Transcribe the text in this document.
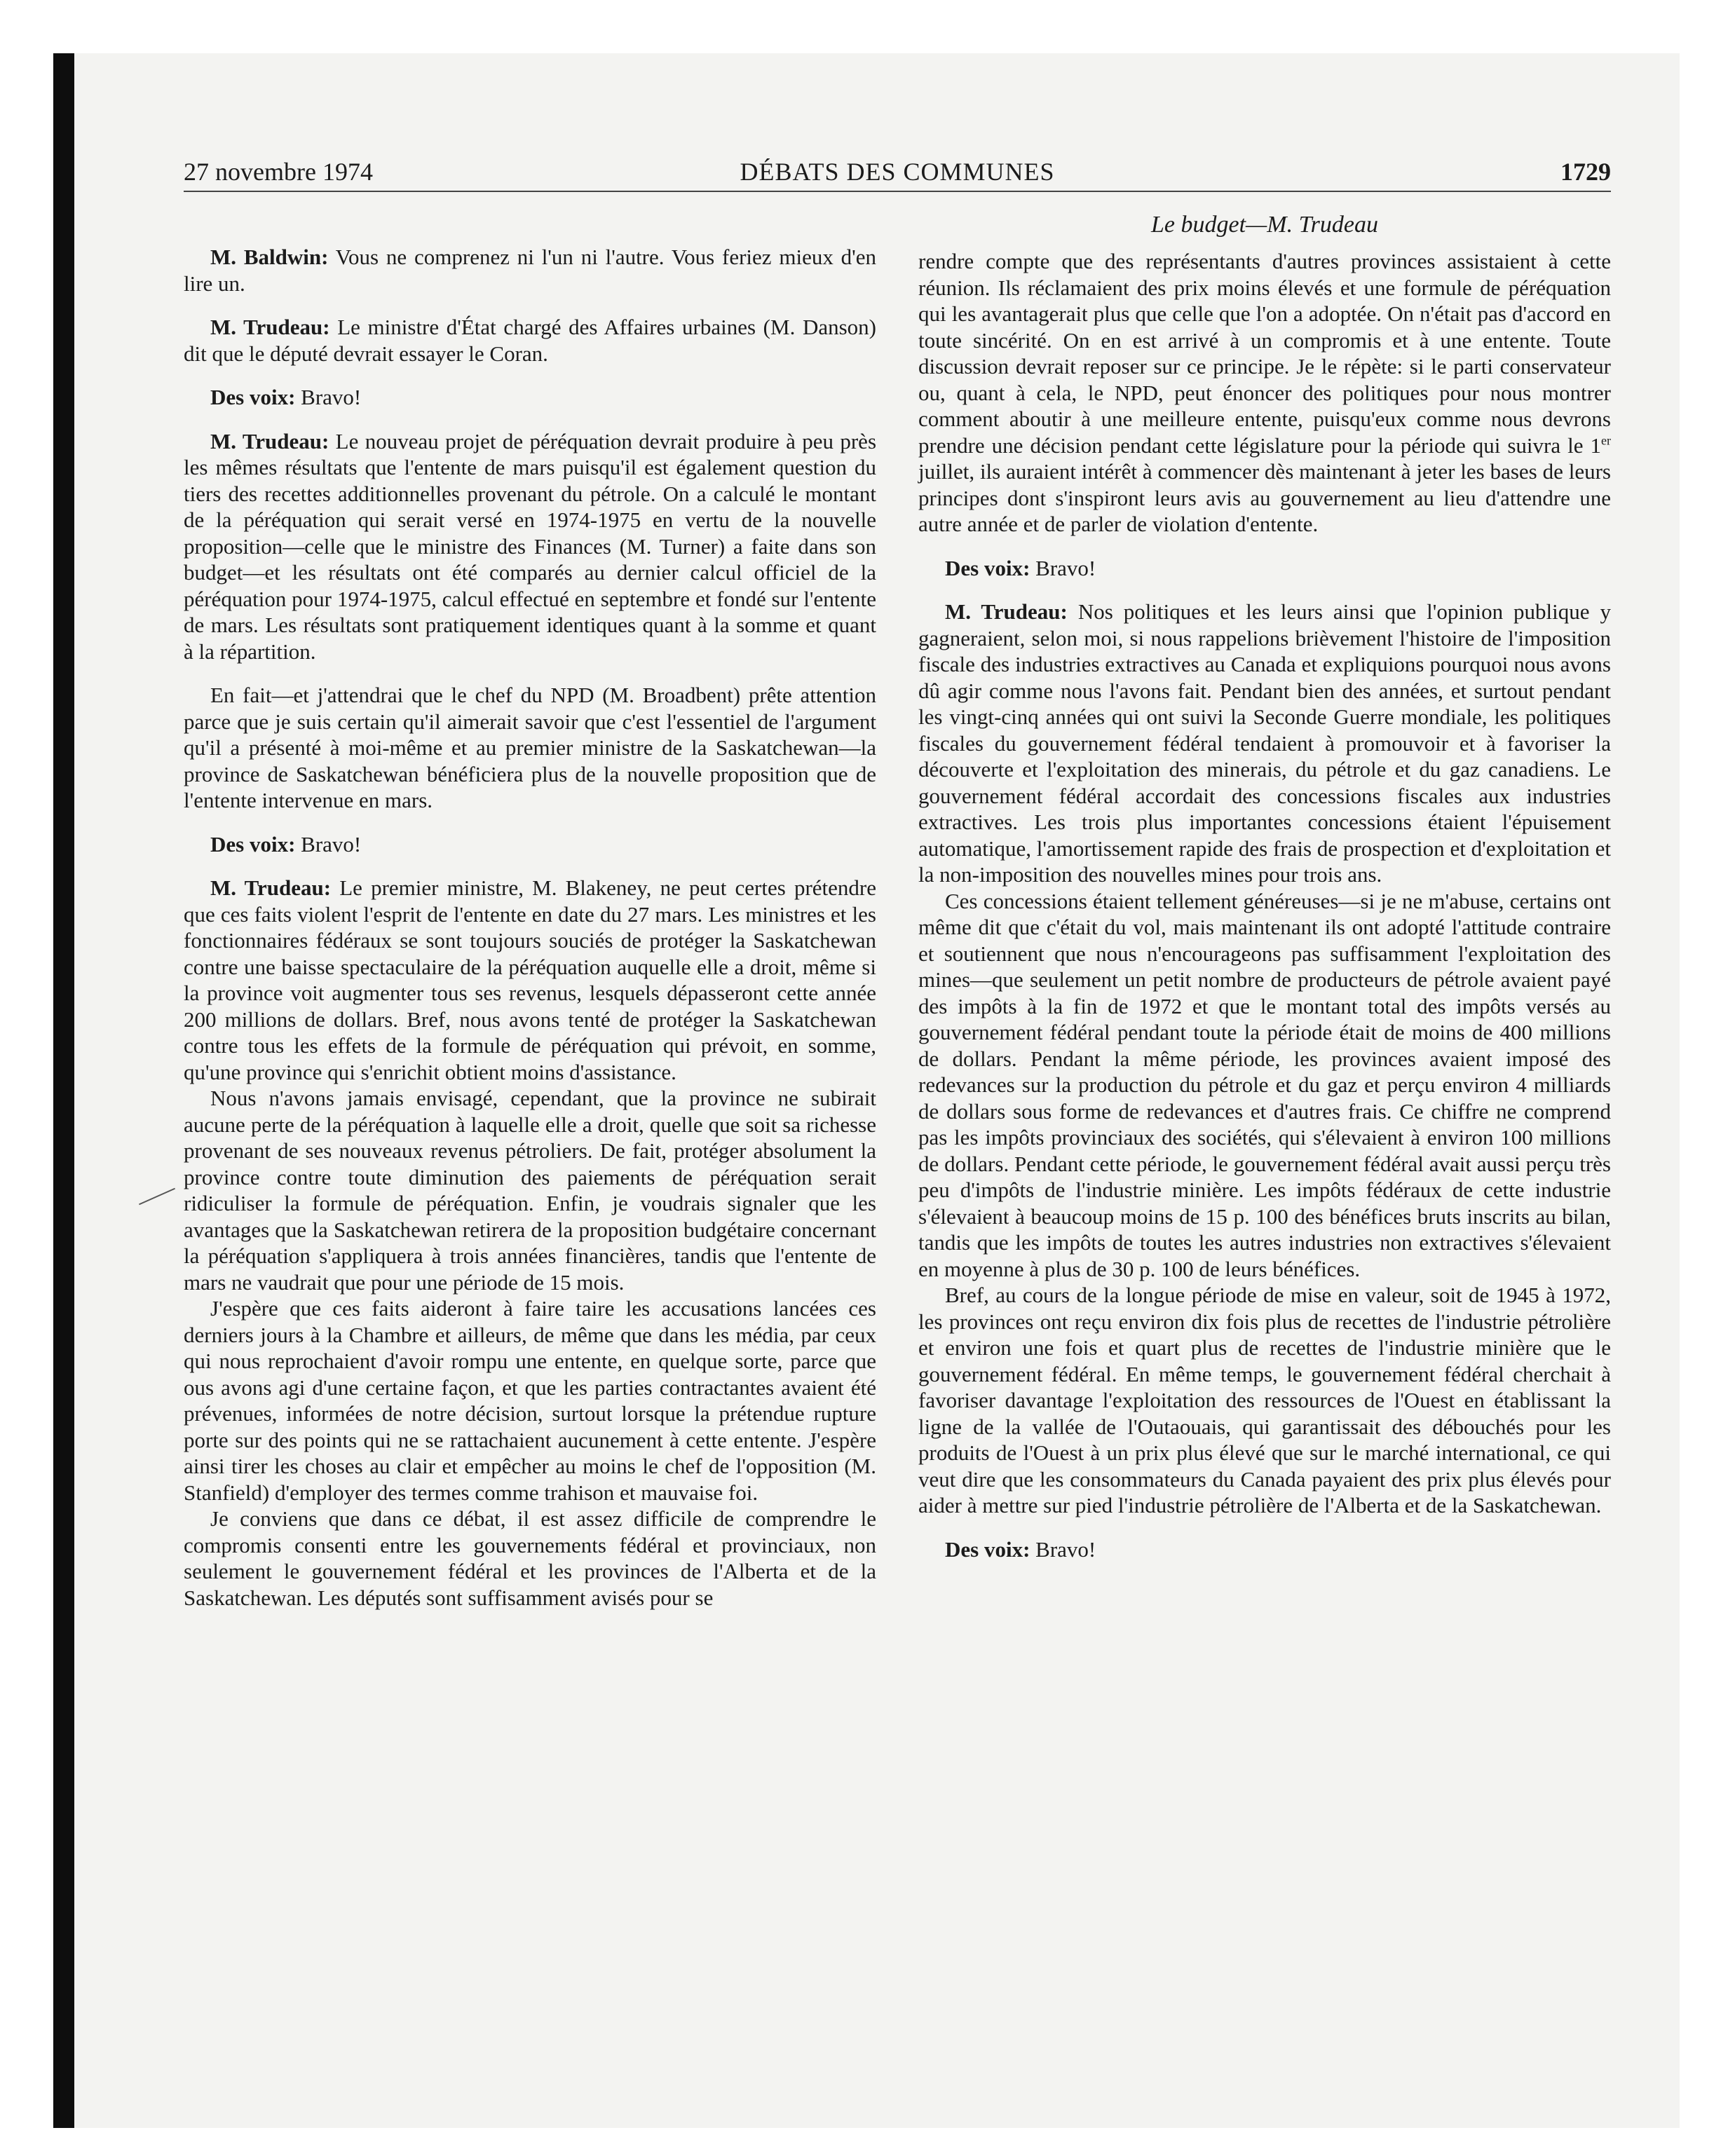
27 novembre 1974	DÉBATS DES COMMUNES	1729
Le budget—M. Trudeau

M. Baldwin: Vous ne comprenez ni l'un ni l'autre. Vous feriez mieux d'en lire un.

M. Trudeau: Le ministre d'État chargé des Affaires urbaines (M. Danson) dit que le député devrait essayer le Coran.

Des voix: Bravo!

M. Trudeau: Le nouveau projet de péréquation devrait produire à peu près les mêmes résultats que l'entente de mars puisqu'il est également question du tiers des recettes additionnelles provenant du pétrole. On a calculé le montant de la péréquation qui serait versé en 1974-1975 en vertu de la nouvelle proposition—celle que le ministre des Finances (M. Turner) a faite dans son budget—et les résultats ont été comparés au dernier calcul officiel de la péréquation pour 1974-1975, calcul effectué en septembre et fondé sur l'entente de mars. Les résultats sont pratiquement identiques quant à la somme et quant à la répartition.

En fait—et j'attendrai que le chef du NPD (M. Broadbent) prête attention parce que je suis certain qu'il aimerait savoir que c'est l'essentiel de l'argument qu'il a présenté à moi-même et au premier ministre de la Saskatchewan—la province de Saskatchewan bénéficiera plus de la nouvelle proposition que de l'entente intervenue en mars.

Des voix: Bravo!

M. Trudeau: Le premier ministre, M. Blakeney, ne peut certes prétendre que ces faits violent l'esprit de l'entente en date du 27 mars. Les ministres et les fonctionnaires fédéraux se sont toujours souciés de protéger la Saskatchewan contre une baisse spectaculaire de la péréquation auquelle elle a droit, même si la province voit augmenter tous ses revenus, lesquels dépasseront cette année 200 millions de dollars. Bref, nous avons tenté de protéger la Saskatchewan contre tous les effets de la formule de péréquation qui prévoit, en somme, qu'une province qui s'enrichit obtient moins d'assistance.

Nous n'avons jamais envisagé, cependant, que la province ne subirait aucune perte de la péréquation à laquelle elle a droit, quelle que soit sa richesse provenant de ses nouveaux revenus pétroliers. De fait, protéger absolument la province contre toute diminution des paiements de péréquation serait ridiculiser la formule de péréquation. Enfin, je voudrais signaler que les avantages que la Saskatchewan retirera de la proposition budgétaire concernant la péréquation s'appliquera à trois années financières, tandis que l'entente de mars ne vaudrait que pour une période de 15 mois.

J'espère que ces faits aideront à faire taire les accusations lancées ces derniers jours à la Chambre et ailleurs, de même que dans les média, par ceux qui nous reprochaient d'avoir rompu une entente, en quelque sorte, parce que ous avons agi d'une certaine façon, et que les parties contractantes avaient été prévenues, informées de notre décision, surtout lorsque la prétendue rupture porte sur des points qui ne se rattachaient aucunement à cette entente. J'espère ainsi tirer les choses au clair et empêcher au moins le chef de l'opposition (M. Stanfield) d'employer des termes comme trahison et mauvaise foi.

Je conviens que dans ce débat, il est assez difficile de comprendre le compromis consenti entre les gouvernements fédéral et provinciaux, non seulement le gouvernement fédéral et les provinces de l'Alberta et de la Saskatchewan. Les députés sont suffisamment avisés pour se

rendre compte que des représentants d'autres provinces assistaient à cette réunion. Ils réclamaient des prix moins élevés et une formule de péréquation qui les avantagerait plus que celle que l'on a adoptée. On n'était pas d'accord en toute sincérité. On en est arrivé à un compromis et à une entente. Toute discussion devrait reposer sur ce principe. Je le répète: si le parti conservateur ou, quant à cela, le NPD, peut énoncer des politiques pour nous montrer comment aboutir à une meilleure entente, puisqu'eux comme nous devrons prendre une décision pendant cette législature pour la période qui suivra le 1er juillet, ils auraient intérêt à commencer dès maintenant à jeter les bases de leurs principes dont s'inspiront leurs avis au gouvernement au lieu d'attendre une autre année et de parler de violation d'entente.

Des voix: Bravo!

M. Trudeau: Nos politiques et les leurs ainsi que l'opinion publique y gagneraient, selon moi, si nous rappelions brièvement l'histoire de l'imposition fiscale des industries extractives au Canada et expliquions pourquoi nous avons dû agir comme nous l'avons fait. Pendant bien des années, et surtout pendant les vingt-cinq années qui ont suivi la Seconde Guerre mondiale, les politiques fiscales du gouvernement fédéral tendaient à promouvoir et à favoriser la découverte et l'exploitation des minerais, du pétrole et du gaz canadiens. Le gouvernement fédéral accordait des concessions fiscales aux industries extractives. Les trois plus importantes concessions étaient l'épuisement automatique, l'amortissement rapide des frais de prospection et d'exploitation et la non-imposition des nouvelles mines pour trois ans.

Ces concessions étaient tellement généreuses—si je ne m'abuse, certains ont même dit que c'était du vol, mais maintenant ils ont adopté l'attitude contraire et soutiennent que nous n'encourageons pas suffisamment l'exploitation des mines—que seulement un petit nombre de producteurs de pétrole avaient payé des impôts à la fin de 1972 et que le montant total des impôts versés au gouvernement fédéral pendant toute la période était de moins de 400 millions de dollars. Pendant la même période, les provinces avaient imposé des redevances sur la production du pétrole et du gaz et perçu environ 4 milliards de dollars sous forme de redevances et d'autres frais. Ce chiffre ne comprend pas les impôts provinciaux des sociétés, qui s'élevaient à environ 100 millions de dollars. Pendant cette période, le gouvernement fédéral avait aussi perçu très peu d'impôts de l'industrie minière. Les impôts fédéraux de cette industrie s'élevaient à beaucoup moins de 15 p. 100 des bénéfices bruts inscrits au bilan, tandis que les impôts de toutes les autres industries non extractives s'élevaient en moyenne à plus de 30 p. 100 de leurs bénéfices.

Bref, au cours de la longue période de mise en valeur, soit de 1945 à 1972, les provinces ont reçu environ dix fois plus de recettes de l'industrie pétrolière et environ une fois et quart plus de recettes de l'industrie minière que le gouvernement fédéral. En même temps, le gouvernement fédéral cherchait à favoriser davantage l'exploitation des ressources de l'Ouest en établissant la ligne de la vallée de l'Outaouais, qui garantissait des débouchés pour les produits de l'Ouest à un prix plus élevé que sur le marché international, ce qui veut dire que les consommateurs du Canada payaient des prix plus élevés pour aider à mettre sur pied l'industrie pétrolière de l'Alberta et de la Saskatchewan.

Des voix: Bravo!
